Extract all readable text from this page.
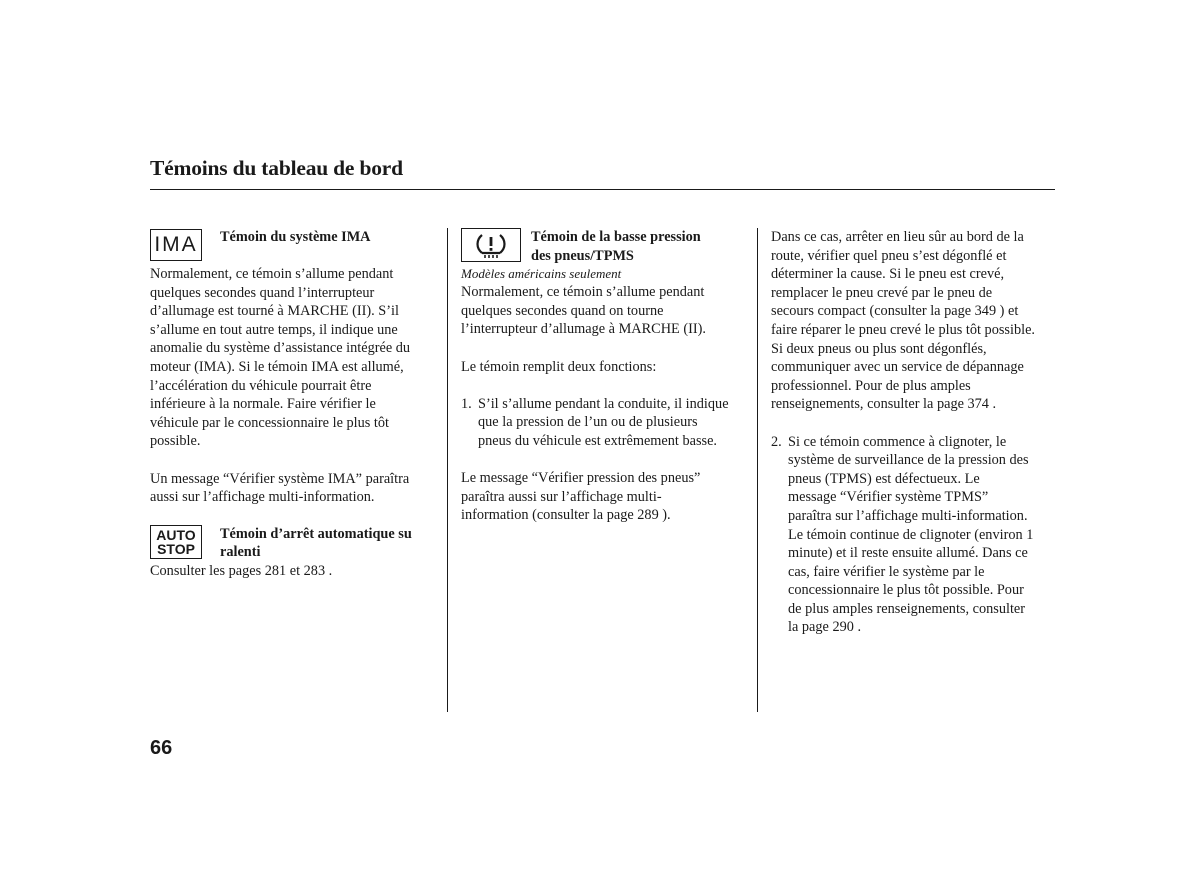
Témoins du tableau de bord
IMA Témoin du système IMA

Normalement, ce témoin s’allume pendant

quelques secondes quand l’interrupteur

d’allumage est tourné à MARCHE (II). S’il

s’allume en tout autre temps, il indique une

anomalie du système d’assistance intégrée du

moteur (IMA). Si le témoin IMA est allumé,

l’accélération du véhicule pourrait être

inférieure à la normale. Faire vérifier le

véhicule par le concessionnaire le plus tôt

possible.

Un message “Vérifier système IMA” paraîtra

aussi sur l’affichage multi-information.

AUTO
STOP
Témoin d’arrêt automatique su
ralenti

Consulter les pages 281 et 283 .

Témoin de la basse pression
des pneus/TPMS

Modèles américains seulement

Normalement, ce témoin s’allume pendant

quelques secondes quand on tourne

l’interrupteur d’allumage à MARCHE (II).

Le témoin remplit deux fonctions:

1. S’il s’allume pendant la conduite, il indique

que la pression de l’un ou de plusieurs

pneus du véhicule est extrêmement basse.

Le message “Vérifier pression des pneus”

paraîtra aussi sur l’affichage multi-

information (consulter la page 289 ).

Dans ce cas, arrêter en lieu sûr au bord de la

route, vérifier quel pneu s’est dégonflé et

déterminer la cause. Si le pneu est crevé,

remplacer le pneu crevé par le pneu de

secours compact (consulter la page 349 ) et

faire réparer le pneu crevé le plus tôt possible.

Si deux pneus ou plus sont dégonflés,

communiquer avec un service de dépannage

professionnel. Pour de plus amples

renseignements, consulter la page 374 .

2. Si ce témoin commence à clignoter, le

système de surveillance de la pression des

pneus (TPMS) est défectueux. Le

message “Vérifier système TPMS”

paraîtra sur l’affichage multi-information.

Le témoin continue de clignoter (environ 1

minute) et il reste ensuite allumé. Dans ce

cas, faire vérifier le système par le

concessionnaire le plus tôt possible. Pour

de plus amples renseignements, consulter

la page 290 .

66
